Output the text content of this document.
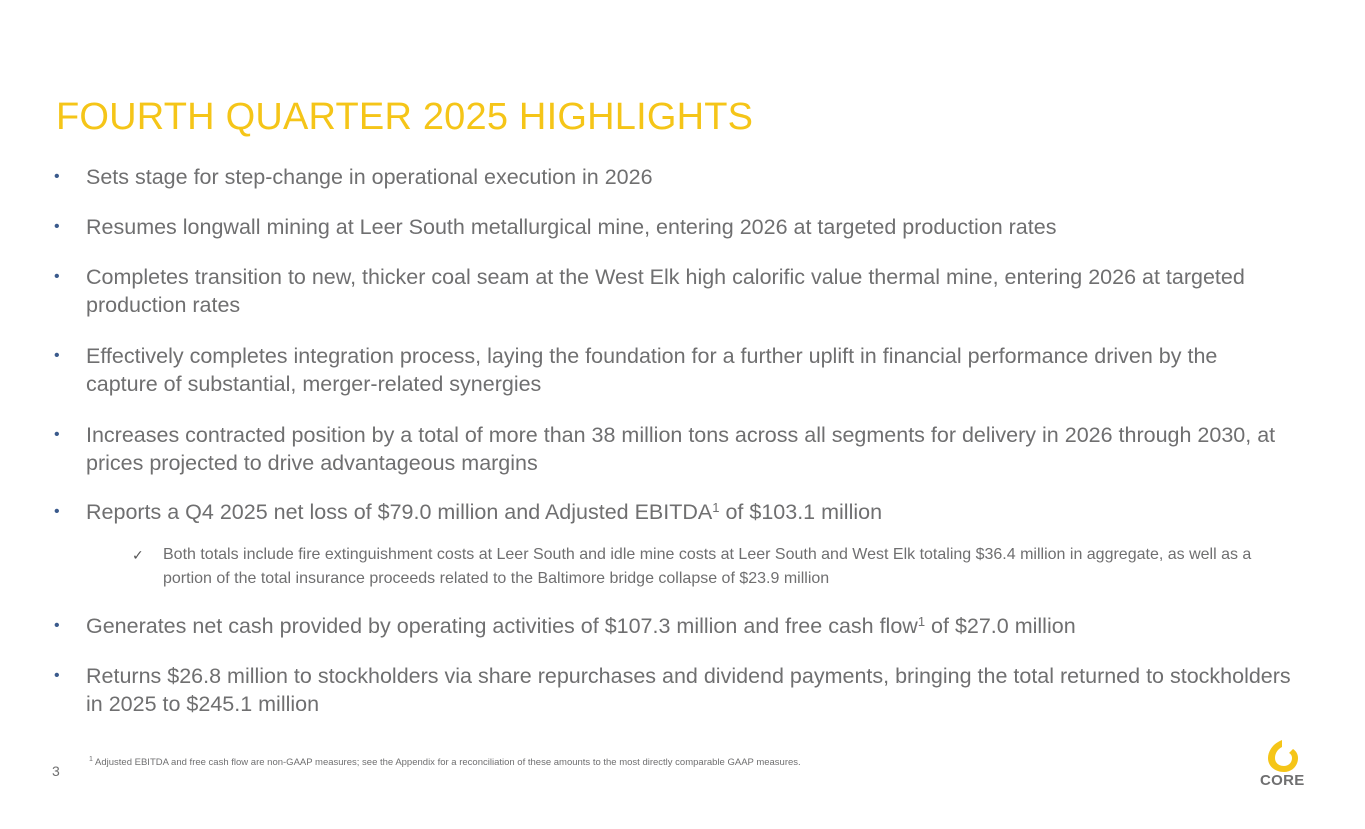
FOURTH QUARTER 2025 HIGHLIGHTS
• Sets stage for step-change in operational execution in 2026
• Resumes longwall mining at Leer South metallurgical mine, entering 2026 at targeted production rates
• Completes transition to new, thicker coal seam at the West Elk high calorific value thermal mine, entering 2026 at targeted production rates
• Effectively completes integration process, laying the foundation for a further uplift in financial performance driven by the capture of substantial, merger-related synergies
• Increases contracted position by a total of more than 38 million tons across all segments for delivery in 2026 through 2030, at prices projected to drive advantageous margins
• Reports a Q4 2025 net loss of $79.0 million and Adjusted EBITDA$^1$ of $103.1 million
✓ Both totals include fire extinguishment costs at Leer South and idle mine costs at Leer South and West Elk totaling $36.4 million in aggregate, as well as a portion of the total insurance proceeds related to the Baltimore bridge collapse of $23.9 million
• Generates net cash provided by operating activities of $107.3 million and free cash flow$^1$ of $27.0 million
• Returns $26.8 million to stockholders via share repurchases and dividend payments, bringing the total returned to stockholders in 2025 to $245.1 million
3
$^1$ Adjusted EBITDA and free cash flow are non-GAAP measures; see the Appendix for a reconciliation of these amounts to the most directly comparable GAAP measures.
CORE
